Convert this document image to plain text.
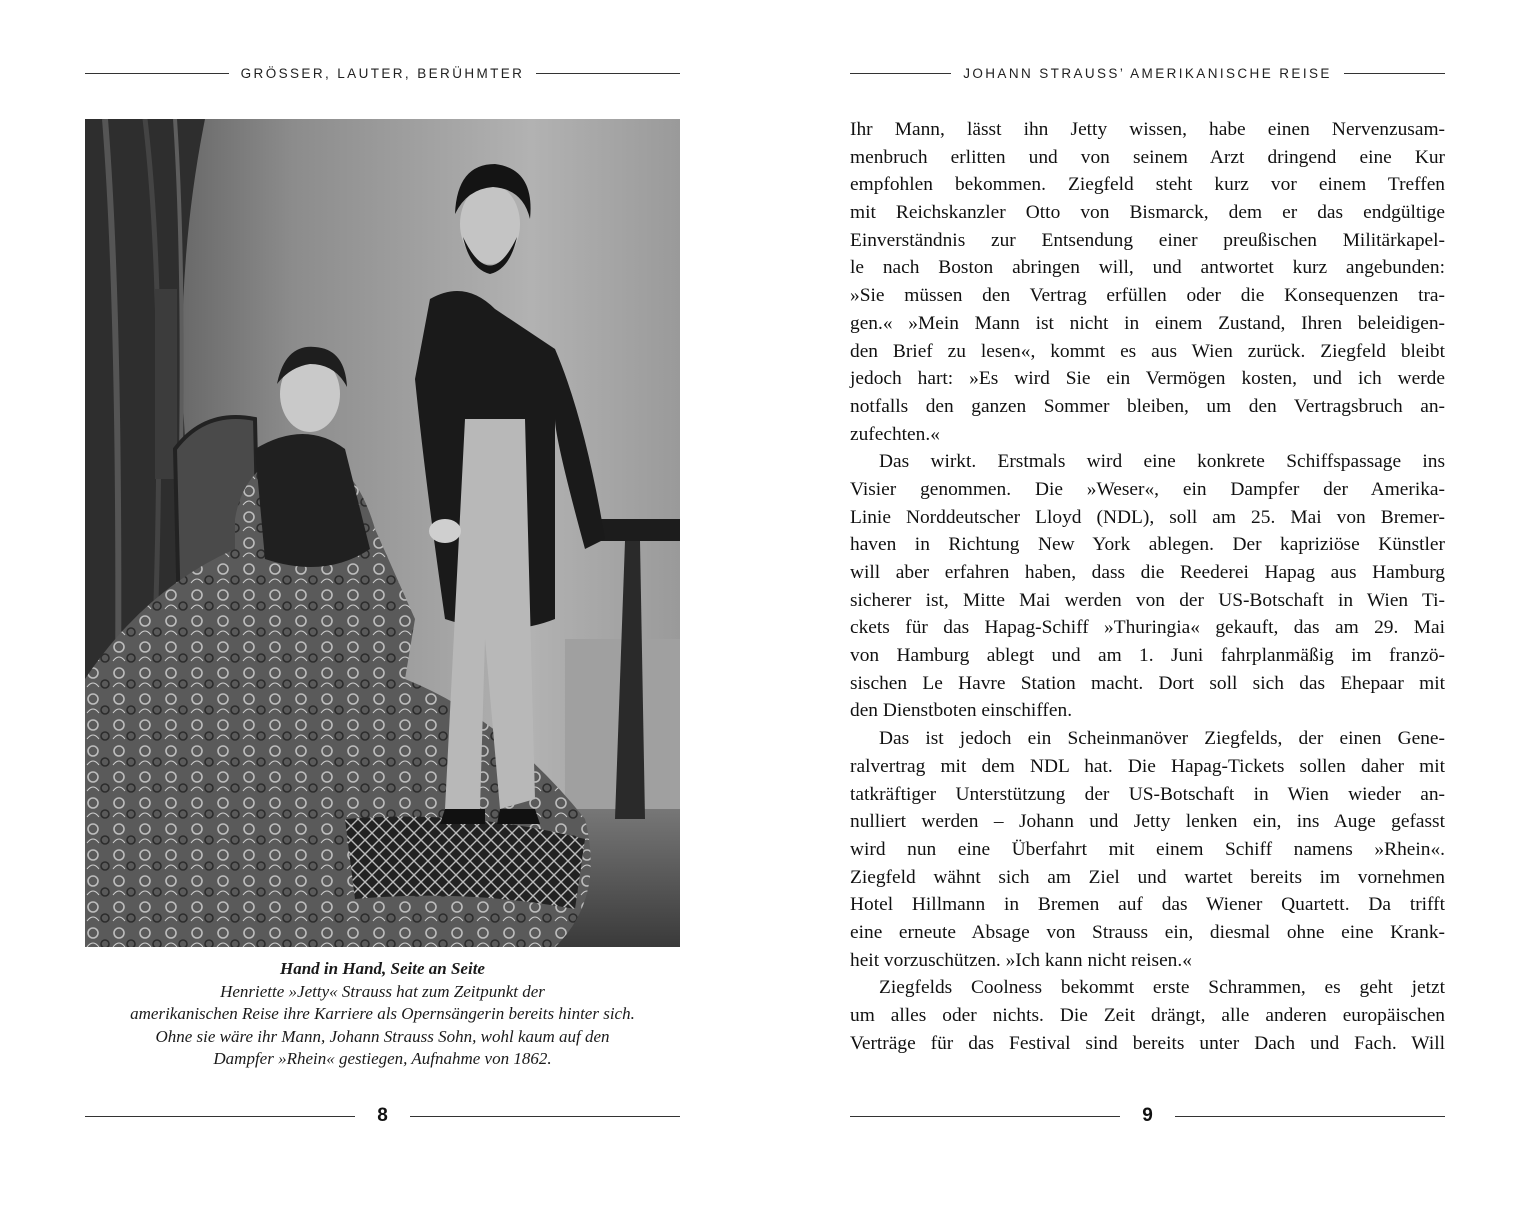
GRÖSSER, LAUTER, BERÜHMTER
Hand in Hand, Seite an Seite
Henriette »Jetty« Strauss hat zum Zeitpunkt der
amerikanischen Reise ihre Karriere als Opernsängerin bereits hinter sich.
Ohne sie wäre ihr Mann, Johann Strauss Sohn, wohl kaum auf den
Dampfer »Rhein« gestiegen, Aufnahme von 1862.
8
JOHANN STRAUSS’ AMERIKANISCHE REISE
Ihr Mann, lässt ihn Jetty wissen, habe einen Nervenzusam-
menbruch erlitten und von seinem Arzt dringend eine Kur
empfohlen bekommen. Ziegfeld steht kurz vor einem Treffen
mit Reichskanzler Otto von Bismarck, dem er das endgültige
Einverständnis zur Entsendung einer preußischen Militärkapel-
le nach Boston abringen will, und antwortet kurz angebunden:
»Sie müssen den Vertrag erfüllen oder die Konsequenzen tra-
gen.« »Mein Mann ist nicht in einem Zustand, Ihren beleidigen-
den Brief zu lesen«, kommt es aus Wien zurück. Ziegfeld bleibt
jedoch hart: »Es wird Sie ein Vermögen kosten, und ich werde
notfalls den ganzen Sommer bleiben, um den Vertragsbruch an-
zufechten.«
Das wirkt. Erstmals wird eine konkrete Schiffspassage ins
Visier genommen. Die »Weser«, ein Dampfer der Amerika-
Linie Norddeutscher Lloyd (NDL), soll am 25. Mai von Bremer-
haven in Richtung New York ablegen. Der kapriziöse Künstler
will aber erfahren haben, dass die Reederei Hapag aus Hamburg
sicherer ist, Mitte Mai werden von der US-Botschaft in Wien Ti-
ckets für das Hapag-Schiff »Thuringia« gekauft, das am 29. Mai
von Hamburg ablegt und am 1. Juni fahrplanmäßig im franzö-
sischen Le Havre Station macht. Dort soll sich das Ehepaar mit
den Dienstboten einschiffen.
Das ist jedoch ein Scheinmanöver Ziegfelds, der einen Gene-
ralvertrag mit dem NDL hat. Die Hapag-Tickets sollen daher mit
tatkräftiger Unterstützung der US-Botschaft in Wien wieder an-
nulliert werden – Johann und Jetty lenken ein, ins Auge gefasst
wird nun eine Überfahrt mit einem Schiff namens »Rhein«.
Ziegfeld wähnt sich am Ziel und wartet bereits im vornehmen
Hotel Hillmann in Bremen auf das Wiener Quartett. Da trifft
eine erneute Absage von Strauss ein, diesmal ohne eine Krank-
heit vorzuschützen. »Ich kann nicht reisen.«
Ziegfelds Coolness bekommt erste Schrammen, es geht jetzt
um alles oder nichts. Die Zeit drängt, alle anderen europäischen
Verträge für das Festival sind bereits unter Dach und Fach. Will
9
